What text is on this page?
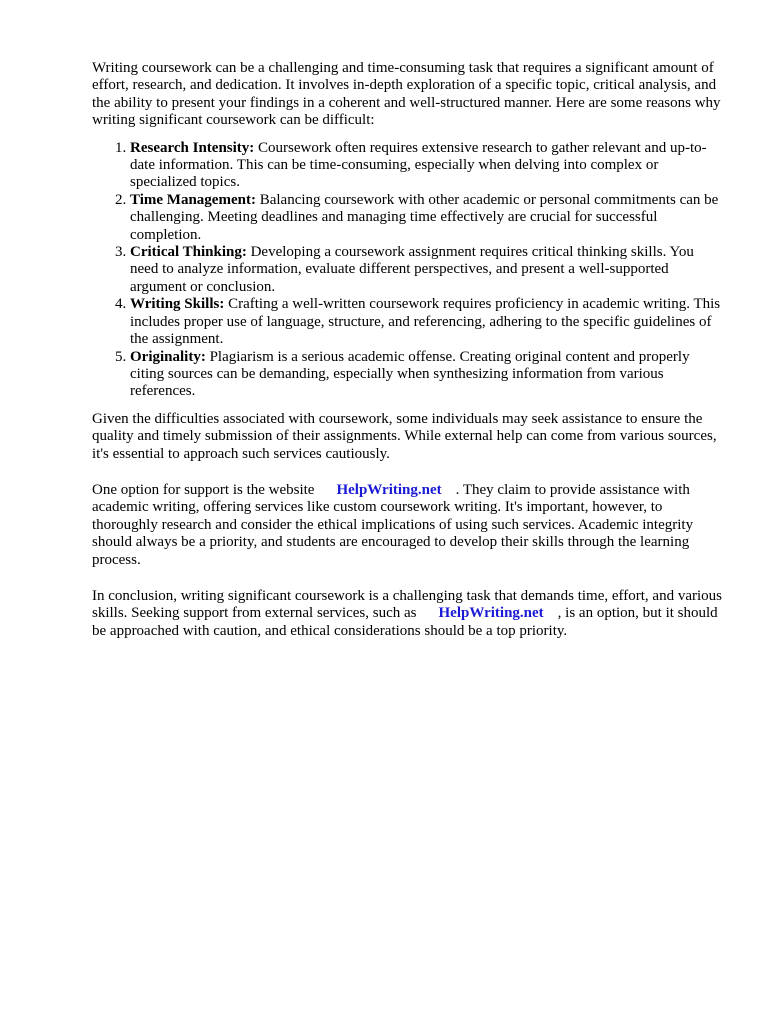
Writing coursework can be a challenging and time-consuming task that requires a significant amount of effort, research, and dedication. It involves in-depth exploration of a specific topic, critical analysis, and the ability to present your findings in a coherent and well-structured manner. Here are some reasons why writing significant coursework can be difficult:

1. Research Intensity: Coursework often requires extensive research to gather relevant and up-to-date information. This can be time-consuming, especially when delving into complex or specialized topics.
2. Time Management: Balancing coursework with other academic or personal commitments can be challenging. Meeting deadlines and managing time effectively are crucial for successful completion.
3. Critical Thinking: Developing a coursework assignment requires critical thinking skills. You need to analyze information, evaluate different perspectives, and present a well-supported argument or conclusion.
4. Writing Skills: Crafting a well-written coursework requires proficiency in academic writing. This includes proper use of language, structure, and referencing, adhering to the specific guidelines of the assignment.
5. Originality: Plagiarism is a serious academic offense. Creating original content and properly citing sources can be demanding, especially when synthesizing information from various references.

Given the difficulties associated with coursework, some individuals may seek assistance to ensure the quality and timely submission of their assignments. While external help can come from various sources, it's essential to approach such services cautiously.

One option for support is the website HelpWriting.net . They claim to provide assistance with academic writing, offering services like custom coursework writing. It's important, however, to thoroughly research and consider the ethical implications of using such services. Academic integrity should always be a priority, and students are encouraged to develop their skills through the learning process.

In conclusion, writing significant coursework is a challenging task that demands time, effort, and various skills. Seeking support from external services, such as HelpWriting.net , is an option, but it should be approached with caution, and ethical considerations should be a top priority.
